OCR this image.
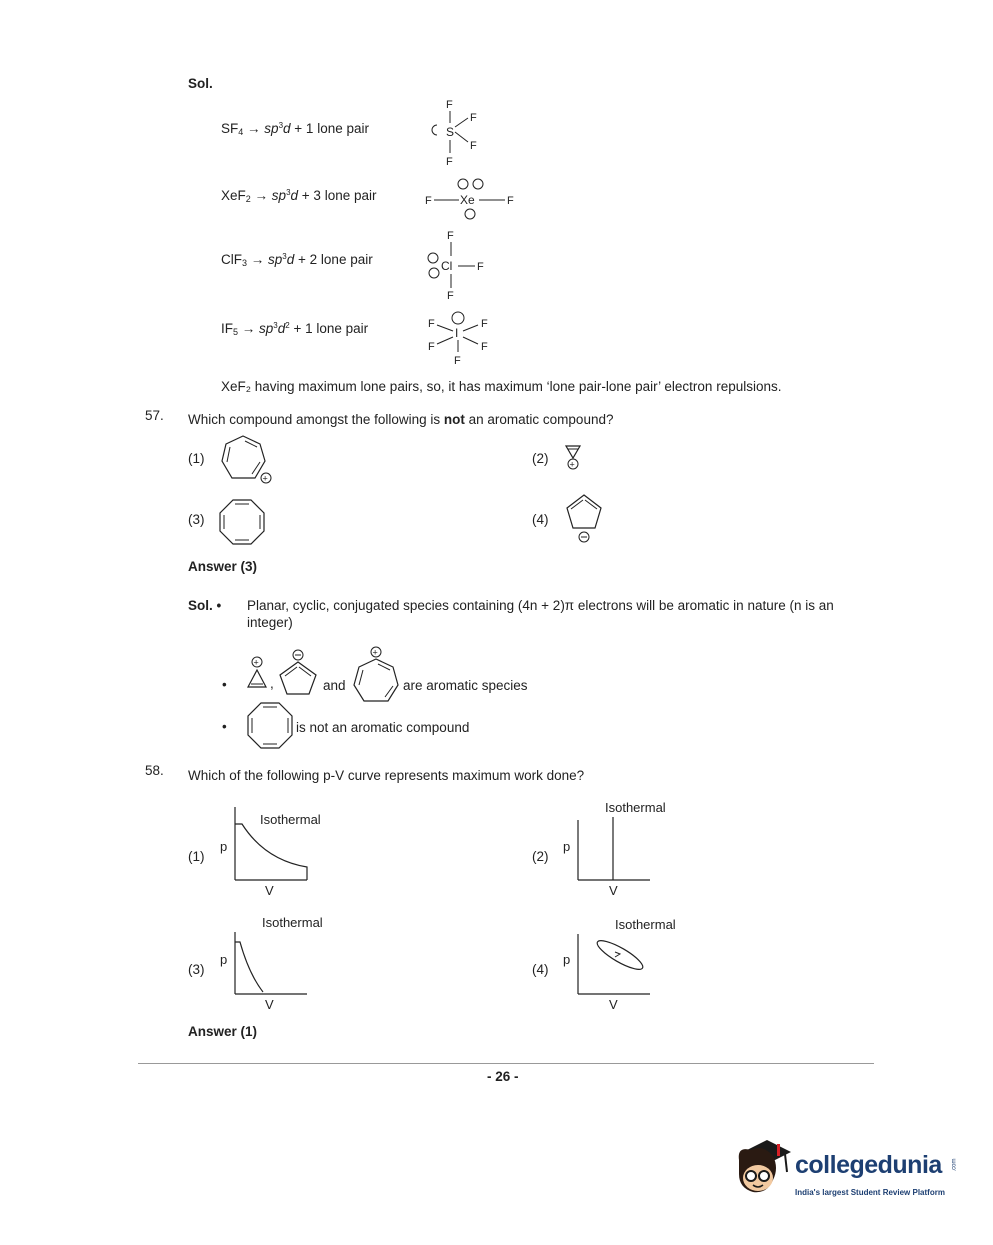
Sol.
$SF_4 \to sp^3d + 1$ lone pair
$XeF_2 \to sp^3d + 3$ lone pair
$ClF_3 \to sp^3d + 2$ lone pair
$IF_5 \to sp^3d^2 + 1$ lone pair
F
S
F
F
F
F Xe	F
F
Cl F
F
F	F
I
F	F
F
XeF₂ having maximum lone pairs, so, it has maximum ‘lone pair-lone pair’ electron repulsions.
57. Which compound amongst the following is not an aromatic compound?
(1)
+
(2) +
(3)	(4)
Answer (3)
Sol. • Planar, cyclic, conjugated species containing (4n + 2)π electrons will be aromatic in nature (n is an
integer)
•
+
,	and
+
are aromatic species
•	is not an aromatic compound
58. Which of the following p-V curve represents maximum work done?
(1)
Isothermal
p
V
(2)
Isothermal
p
V
(3)
Isothermal
p
V
(4)
Isothermal
p
V
Answer (1)
- 26 -
collegedunia .com
India's largest Student Review Platform
